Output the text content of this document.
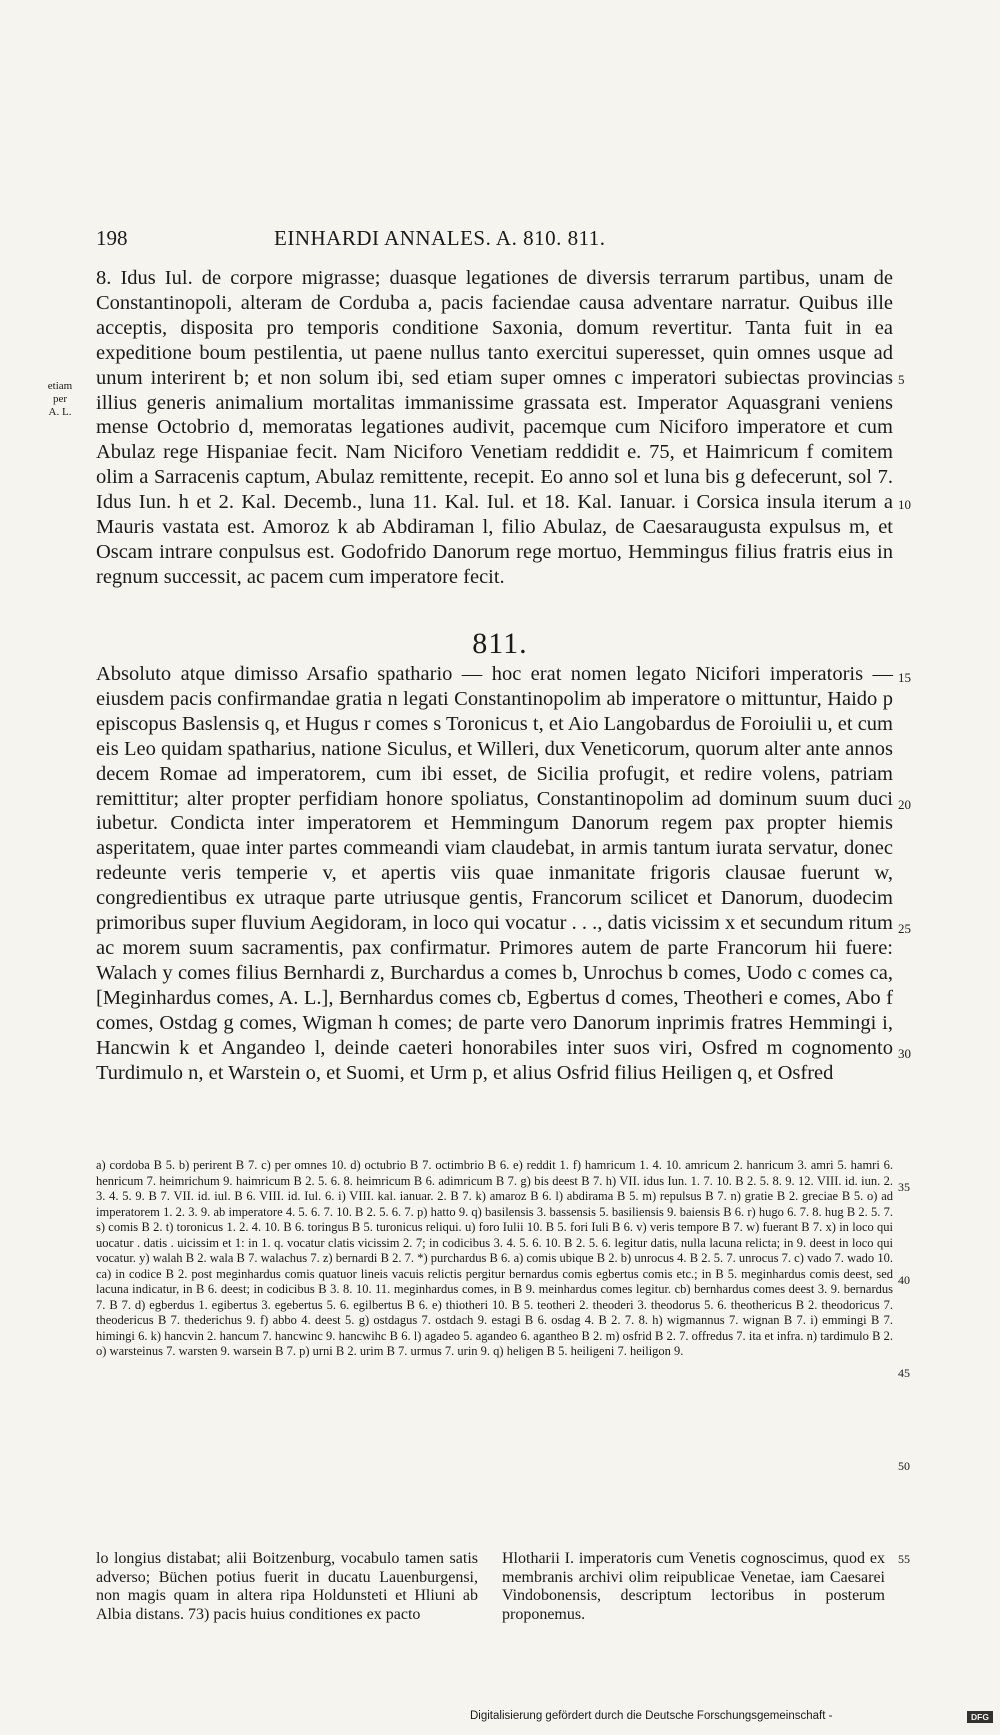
198	EINHARDI ANNALES. A. 810. 811.
etiam
per
A. L.
8. Idus Iul. de corpore migrasse; duasque legationes de diversis terrarum partibus, unam de Constantinopoli, alteram de Corduba a, pacis faciendae causa adventare narratur. Quibus ille acceptis, disposita pro temporis conditione Saxonia, domum revertitur. Tanta fuit in ea expeditione boum pestilentia, ut paene nullus tanto exercitui superesset, quin omnes usque ad unum interirent b; et non solum ibi, sed etiam super omnes c imperatori subiectas provincias illius generis animalium mortalitas immanissime grassata est. Imperator Aquasgrani veniens mense Octobrio d, memoratas legationes audivit, pacemque cum Niciforo imperatore et cum Abulaz rege Hispaniae fecit. Nam Niciforo Venetiam reddidit e. 75, et Haimricum f comitem olim a Sarracenis captum, Abulaz remittente, recepit. Eo anno sol et luna bis g defecerunt, sol 7. Idus Iun. h et 2. Kal. Decemb., luna 11. Kal. Iul. et 18. Kal. Ianuar. i Corsica insula iterum a Mauris vastata est. Amoroz k ab Abdiraman l, filio Abulaz, de Caesaraugusta expulsus m, et Oscam intrare conpulsus est. Godofrido Danorum rege mortuo, Hemmingus filius fratris eius in regnum successit, ac pacem cum imperatore fecit.
811.
Absoluto atque dimisso Arsafio spathario — hoc erat nomen legato Nicifori imperatoris — eiusdem pacis confirmandae gratia n legati Constantinopolim ab imperatore o mittuntur, Haido p episcopus Baslensis q, et Hugus r comes s Toronicus t, et Aio Langobardus de Foroiulii u, et cum eis Leo quidam spatharius, natione Siculus, et Willeri, dux Veneticorum, quorum alter ante annos decem Romae ad imperatorem, cum ibi esset, de Sicilia profugit, et redire volens, patriam remittitur; alter propter perfidiam honore spoliatus, Constantinopolim ad dominum suum duci iubetur. Condicta inter imperatorem et Hemmingum Danorum regem pax propter hiemis asperitatem, quae inter partes commeandi viam claudebat, in armis tantum iurata servatur, donec redeunte veris temperie v, et apertis viis quae inmanitate frigoris clausae fuerunt w, congredientibus ex utraque parte utriusque gentis, Francorum scilicet et Danorum, duodecim primoribus super fluvium Aegidoram, in loco qui vocatur . . ., datis vicissim x et secundum ritum ac morem suum sacramentis, pax confirmatur. Primores autem de parte Francorum hii fuere: Walach y comes filius Bernhardi z, Burchardus a comes b, Unrochus b comes, Uodo c comes ca, [Meginhardus comes, A. L.], Bernhardus comes cb, Egbertus d comes, Theotheri e comes, Abo f comes, Ostdag g comes, Wigman h comes; de parte vero Danorum inprimis fratres Hemmingi i, Hancwin k et Angandeo l, deinde caeteri honorabiles inter suos viri, Osfred m cognomento Turdimulo n, et Warstein o, et Suomi, et Urm p, et alius Osfrid filius Heiligen q, et Osfred
5
10
15
20
25
30
a) cordoba B 5. b) perirent B 7. c) per omnes 10. d) octubrio B 7. octimbrio B 6. e) reddit 1. f) hamricum 1. 4. 10. amricum 2. hanricum 3. amri 5. hamri 6. henricum 7. heimrichum 9. haimricum B 2. 5. 6. 8. heimricum B 6. adimricum B 7. g) bis deest B 7. h) VII. idus Iun. 1. 7. 10. B 2. 5. 8. 9. 12. VIII. id. iun. 2. 3. 4. 5. 9. B 7. VII. id. iul. B 6. VIII. id. Iul. 6. i) VIII. kal. ianuar. 2. B 7. k) amaroz B 6. l) abdirama B 5. m) repulsus B 7. n) gratie B 2. greciae B 5. o) ad imperatorem 1. 2. 3. 9. ab imperatore 4. 5. 6. 7. 10. B 2. 5. 6. 7. p) hatto 9. q) basilensis 3. bassensis 5. basiliensis 9. baiensis B 6. r) hugo 6. 7. 8. hug B 2. 5. 7. s) comis B 2. t) toronicus 1. 2. 4. 10. B 6. toringus B 5. turonicus reliqui. u) foro Iulii 10. B 5. fori Iuli B 6. v) veris tempore B 7. w) fuerant B 7. x) in loco qui uocatur . datis . uicissim et 1: in 1. q. vocatur clatis vicissim 2. 7; in codicibus 3. 4. 5. 6. 10. B 2. 5. 6. legitur datis, nulla lacuna relicta; in 9. deest in loco qui vocatur. y) walah B 2. wala B 7. walachus 7. z) bernardi B 2. 7. *) purchardus B 6. a) comis ubique B 2. b) unrocus 4. B 2. 5. 7. unrocus 7. c) vado 7. wado 10. ca) in codice B 2. post meginhardus comis quatuor lineis vacuis relictis pergitur bernardus comis egbertus comis etc.; in B 5. meginhardus comis deest, sed lacuna indicatur, in B 6. deest; in codicibus B 3. 8. 10. 11. meginhardus comes, in B 9. meinhardus comes legitur. cb) bernhardus comes deest 3. 9. bernardus 7. B 7. d) egberdus 1. egibertus 3. egebertus 5. 6. egilbertus B 6. e) thiotheri 10. B 5. teotheri 2. theoderi 3. theodorus 5. 6. theothericus B 2. theodoricus 7. theodericus B 7. thederichus 9. f) abbo 4. deest 5. g) ostdagus 7. ostdach 9. estagi B 6. osdag 4. B 2. 7. 8. h) wigmannus 7. wignan B 7. i) emmingi B 7. himingi 6. k) hancvin 2. hancum 7. hancwinc 9. hancwihc B 6. l) agadeo 5. agandeo 6. agantheo B 2. m) osfrid B 2. 7. offredus 7. ita et infra. n) tardimulo B 2. o) warsteinus 7. warsten 9. warsein B 7. p) urni B 2. urim B 7. urmus 7. urin 9. q) heligen B 5. heiligeni 7. heiligon 9.
35
40
45
50
lo longius distabat; alii Boitzenburg, vocabulo tamen satis adverso; Büchen potius fuerit in ducatu Lauenburgensi, non magis quam in altera ripa Holdunsteti et Hliuni ab Albia distans. 73) pacis huius conditiones ex pacto
Hlotharii I. imperatoris cum Venetis cognoscimus, quod ex membranis archivi olim reipublicae Venetae, iam Caesarei Vindobonensis, descriptum lectoribus in posterum proponemus.
55
Digitalisierung gefördert durch die Deutsche Forschungsgemeinschaft -	DFG
